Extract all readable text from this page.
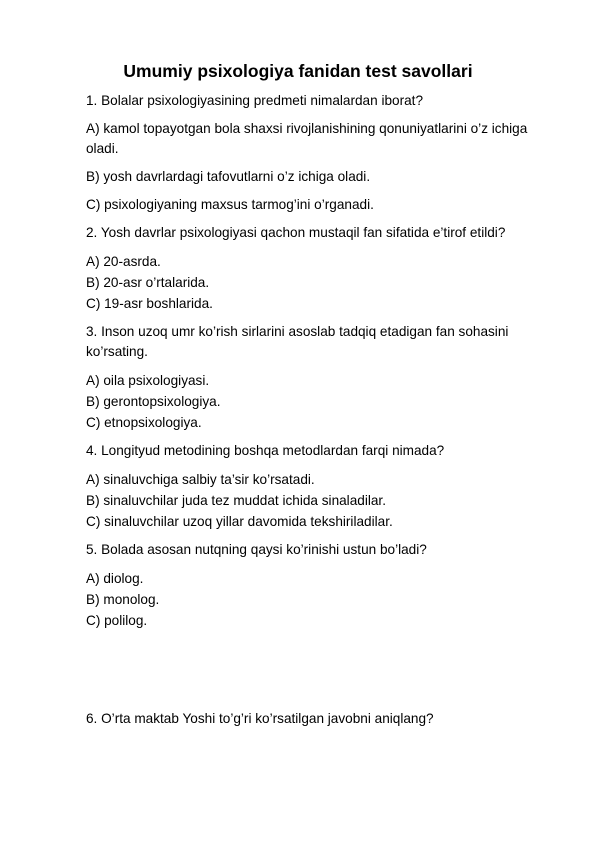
Umumiy psixologiya fanidan test savollari
1. Bolalar psixologiyasining predmeti nimalardan iborat?
A) kamol topayotgan bola shaxsi rivojlanishining qonuniyatlarini o’z ichiga oladi.
B) yosh davrlardagi tafovutlarni o’z ichiga oladi.
C) psixologiyaning maxsus tarmog’ini o’rganadi.
2. Yosh davrlar psixologiyasi qachon mustaqil fan sifatida e’tirof etildi?
A) 20-asrda.
B) 20-asr o’rtalarida.
C) 19-asr boshlarida.
3. Inson uzoq umr ko’rish sirlarini asoslab tadqiq etadigan fan sohasini ko’rsating.
A) oila psixologiyasi.
B) gerontopsixologiya.
C) etnopsixologiya.
4. Longityud metodining boshqa metodlardan farqi nimada?
A) sinaluvchiga salbiy ta’sir ko’rsatadi.
B) sinaluvchilar juda tez muddat ichida sinaladilar.
C) sinaluvchilar uzoq yillar davomida tekshiriladilar.
5. Bolada asosan nutqning qaysi ko’rinishi ustun bo’ladi?
A) diolog.
B) monolog.
C) polilog.
6. O’rta maktab Yoshi to’g’ri ko’rsatilgan javobni aniqlang?
